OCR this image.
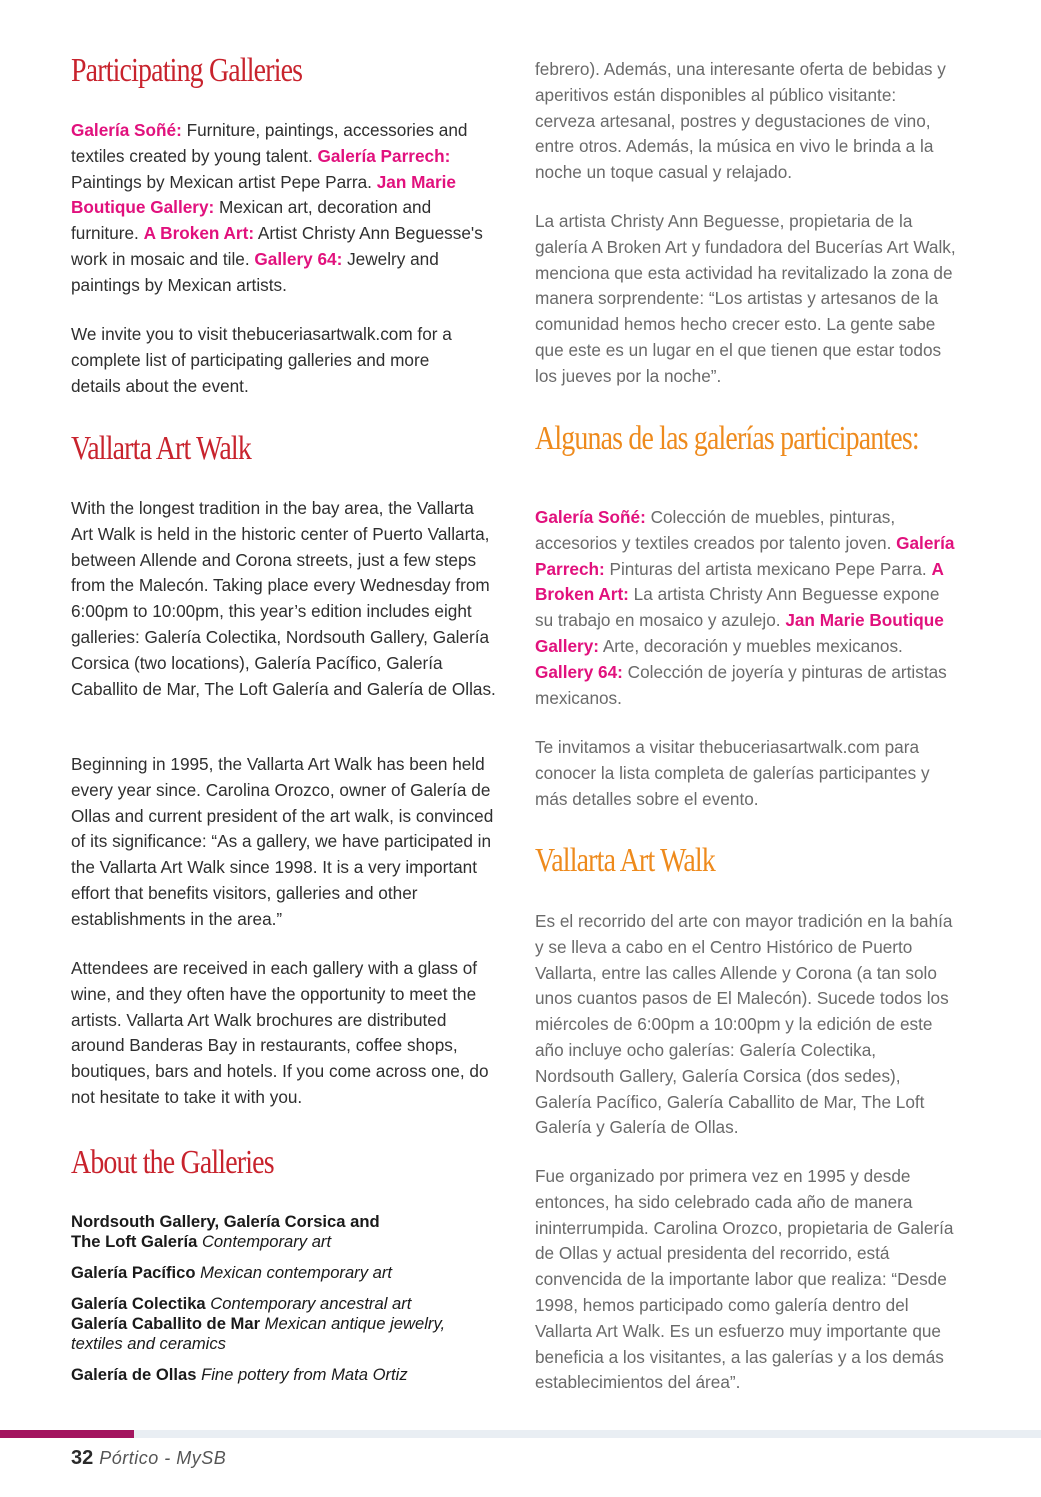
Participating Galleries

Galería Soñé: Furniture, paintings, accessories and textiles created by young talent. Galería Parrech: Paintings by Mexican artist Pepe Parra. Jan Marie Boutique Gallery: Mexican art, decoration and furniture. A Broken Art: Artist Christy Ann Beguesse's work in mosaic and tile. Gallery 64: Jewelry and paintings by Mexican artists.

We invite you to visit thebuceriasartwalk.com for a complete list of participating galleries and more details about the event.

Vallarta Art Walk

With the longest tradition in the bay area, the Vallarta Art Walk is held in the historic center of Puerto Vallarta, between Allende and Corona streets, just a few steps from the Malecón. Taking place every Wednesday from 6:00pm to 10:00pm, this year’s edition includes eight galleries: Galería Colectika, Nordsouth Gallery, Galería Corsica (two locations), Galería Pacífico, Galería Caballito de Mar, The Loft Galería and Galería de Ollas.

Beginning in 1995, the Vallarta Art Walk has been held every year since. Carolina Orozco, owner of Galería de Ollas and current president of the art walk, is convinced of its significance: “As a gallery, we have participated in the Vallarta Art Walk since 1998. It is a very important effort that benefits visitors, galleries and other establishments in the area.”

Attendees are received in each gallery with a glass of wine, and they often have the opportunity to meet the artists. Vallarta Art Walk brochures are distributed around Banderas Bay in restaurants, coffee shops, boutiques, bars and hotels. If you come across one, do not hesitate to take it with you.

About the Galleries

Nordsouth Gallery, Galería Corsica and The Loft Galería Contemporary art

Galería Pacífico Mexican contemporary art

Galería Colectika Contemporary ancestral art

Galería Caballito de Mar Mexican antique jewelry, textiles and ceramics

Galería de Ollas Fine pottery from Mata Ortiz

febrero). Además, una interesante oferta de bebidas y aperitivos están disponibles al público visitante: cerveza artesanal, postres y degustaciones de vino, entre otros. Además, la música en vivo le brinda a la noche un toque casual y relajado.

La artista Christy Ann Beguesse, propietaria de la galería A Broken Art y fundadora del Bucerías Art Walk, menciona que esta actividad ha revitalizado la zona de manera sorprendente: “Los artistas y artesanos de la comunidad hemos hecho crecer esto. La gente sabe que este es un lugar en el que tienen que estar todos los jueves por la noche”.

Algunas de las galerías participantes:

Galería Soñé: Colección de muebles, pinturas, accesorios y textiles creados por talento joven. Galería Parrech: Pinturas del artista mexicano Pepe Parra. A Broken Art: La artista Christy Ann Beguesse expone su trabajo en mosaico y azulejo. Jan Marie Boutique Gallery: Arte, decoración y muebles mexicanos. Gallery 64: Colección de joyería y pinturas de artistas mexicanos.

Te invitamos a visitar thebuceriasartwalk.com para conocer la lista completa de galerías participantes y más detalles sobre el evento.

Vallarta Art Walk

Es el recorrido del arte con mayor tradición en la bahía y se lleva a cabo en el Centro Histórico de Puerto Vallarta, entre las calles Allende y Corona (a tan solo unos cuantos pasos de El Malecón). Sucede todos los miércoles de 6:00pm a 10:00pm y la edición de este año incluye ocho galerías: Galería Colectika, Nordsouth Gallery, Galería Corsica (dos sedes), Galería Pacífico, Galería Caballito de Mar, The Loft Galería y Galería de Ollas.

Fue organizado por primera vez en 1995 y desde entonces, ha sido celebrado cada año de manera ininterrumpida. Carolina Orozco, propietaria de Galería de Ollas y actual presidenta del recorrido, está convencida de la importante labor que realiza: “Desde 1998, hemos participado como galería dentro del Vallarta Art Walk. Es un esfuerzo muy importante que beneficia a los visitantes, a las galerías y a los demás establecimientos del área”.

32 Pórtico - MySB
